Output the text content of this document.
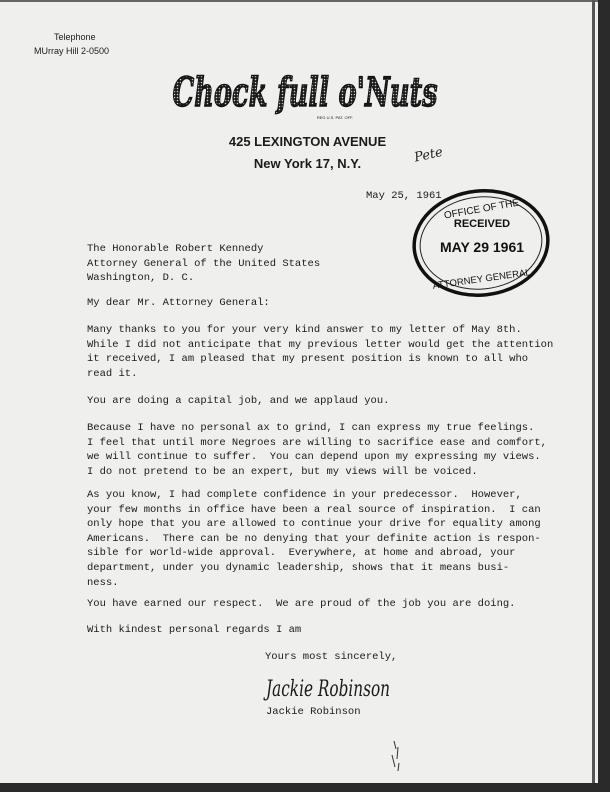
Telephone
MUrray Hill 2-0500
Chock full o'Nuts
REG U.S. PAT. OFF.
425 LEXINGTON AVENUE
New York 17, N.Y.	Pete
May 25, 1961
OFFICE OF THE
RECEIVED
MAY 29 1961
ATTORNEY GENERAL
The Honorable Robert Kennedy
Attorney General of the United States
Washington, D. C.
My dear Mr. Attorney General:
Many thanks to you for your very kind answer to my letter of May 8th.
While I did not anticipate that my previous letter would get the attention
it received, I am pleased that my present position is known to all who
read it.
You are doing a capital job, and we applaud you.
Because I have no personal ax to grind, I can express my true feelings.
I feel that until more Negroes are willing to sacrifice ease and comfort,
we will continue to suffer.  You can depend upon my expressing my views.
I do not pretend to be an expert, but my views will be voiced.
As you know, I had complete confidence in your predecessor.  However,
your few months in office have been a real source of inspiration.  I can
only hope that you are allowed to continue your drive for equality among
Americans.  There can be no denying that your definite action is respon-
sible for world-wide approval.  Everywhere, at home and abroad, your
department, under you dynamic leadership, shows that it means busi-
ness.
You have earned our respect.  We are proud of the job you are doing.
With kindest personal regards I am
Yours most sincerely,
Jackie Robinson
Jackie Robinson
